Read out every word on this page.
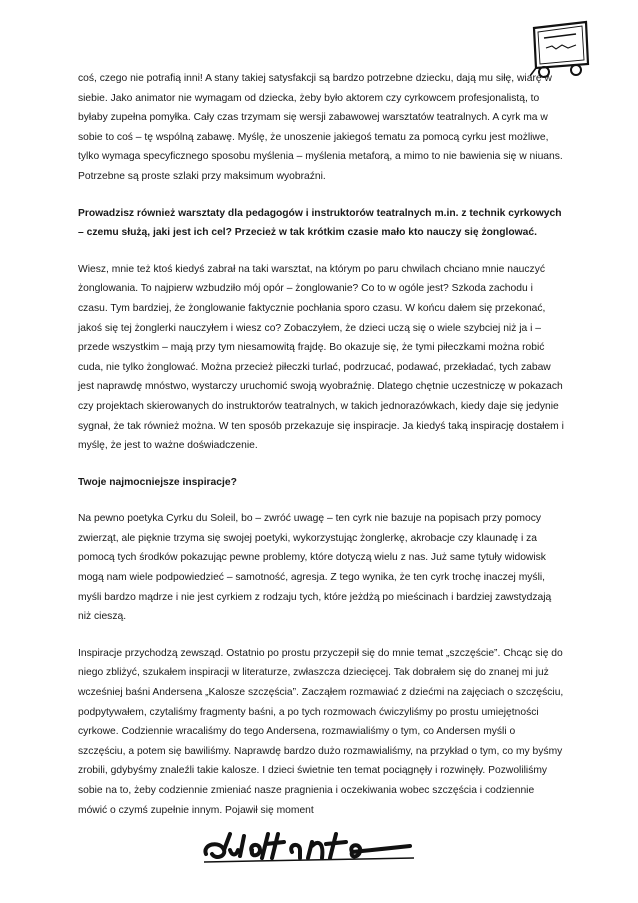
coś, czego nie potrafią inni! A stany takiej satysfakcji są bardzo potrzebne dziecku, dają mu siłę, wiarę w siebie. Jako animator nie wymagam od dziecka, żeby było aktorem czy cyrkowcem profesjonalistą, to byłaby zupełna pomyłka. Cały czas trzymam się wersji zabawowej warsztatów teatralnych. A cyrk ma w sobie to coś – tę wspólną zabawę. Myślę, że unoszenie jakiegoś tematu za pomocą cyrku jest możliwe, tylko wymaga specyficznego sposobu myślenia – myślenia metaforą, a mimo to nie bawienia się w niuans. Potrzebne są proste szlaki przy maksimum wyobraźni.

Prowadzisz również warsztaty dla pedagogów i instruktorów teatralnych m.in. z technik cyrkowych – czemu służą, jaki jest ich cel? Przecież w tak krótkim czasie mało kto nauczy się żonglować.

Wiesz, mnie też ktoś kiedyś zabrał na taki warsztat, na którym po paru chwilach chciano mnie nauczyć żonglowania. To najpierw wzbudziło mój opór – żonglowanie? Co to w ogóle jest? Szkoda zachodu i czasu. Tym bardziej, że żonglowanie faktycznie pochłania sporo czasu. W końcu dałem się przekonać, jakoś się tej żonglerki nauczyłem i wiesz co? Zobaczyłem, że dzieci uczą się o wiele szybciej niż ja i – przede wszystkim – mają przy tym niesamowitą frajdę. Bo okazuje się, że tymi piłeczkami można robić cuda, nie tylko żonglować. Można przecież piłeczki turlać, podrzucać, podawać, przekładać, tych zabaw jest naprawdę mnóstwo, wystarczy uruchomić swoją wyobraźnię. Dlatego chętnie uczestniczę w pokazach czy projektach skierowanych do instruktorów teatralnych, w takich jednorazówkach, kiedy daje się jedynie sygnał, że tak również można. W ten sposób przekazuje się inspiracje. Ja kiedyś taką inspirację dostałem i myślę, że jest to ważne doświadczenie.

Twoje najmocniejsze inspiracje?

Na pewno poetyka Cyrku du Soleil, bo – zwróć uwagę – ten cyrk nie bazuje na popisach przy pomocy zwierząt, ale pięknie trzyma się swojej poetyki, wykorzystując żonglerkę, akrobacje czy klaunadę i za pomocą tych środków pokazując pewne problemy, które dotyczą wielu z nas. Już same tytuły widowisk mogą nam wiele podpowiedzieć – samotność, agresja. Z tego wynika, że ten cyrk trochę inaczej myśli, myśli bardzo mądrze i nie jest cyrkiem z rodzaju tych, które jeżdżą po mieścinach i bardziej zawstydzają niż cieszą.

Inspiracje przychodzą zewsząd. Ostatnio po prostu przyczepił się do mnie temat „szczęście”. Chcąc się do niego zbliżyć, szukałem inspiracji w literaturze, zwłaszcza dziecięcej. Tak dobrałem się do znanej mi już wcześniej baśni Andersena „Kalosze szczęścia”. Zacząłem rozmawiać z dziećmi na zajęciach o szczęściu, podpytywałem, czytaliśmy fragmenty baśni, a po tych rozmowach ćwiczyliśmy po prostu umiejętności cyrkowe. Codziennie wracaliśmy do tego Andersena, rozmawialiśmy o tym, co Andersen myśli o szczęściu, a potem się bawiliśmy. Naprawdę bardzo dużo rozmawialiśmy, na przykład o tym, co my byśmy zrobili, gdybyśmy znaleźli takie kalosze. I dzieci świetnie ten temat pociągnęły i rozwinęły. Pozwoliliśmy sobie na to, żeby codziennie zmieniać nasze pragnienia i oczekiwania wobec szczęścia i codziennie mówić o czymś zupełnie innym. Pojawił się moment
